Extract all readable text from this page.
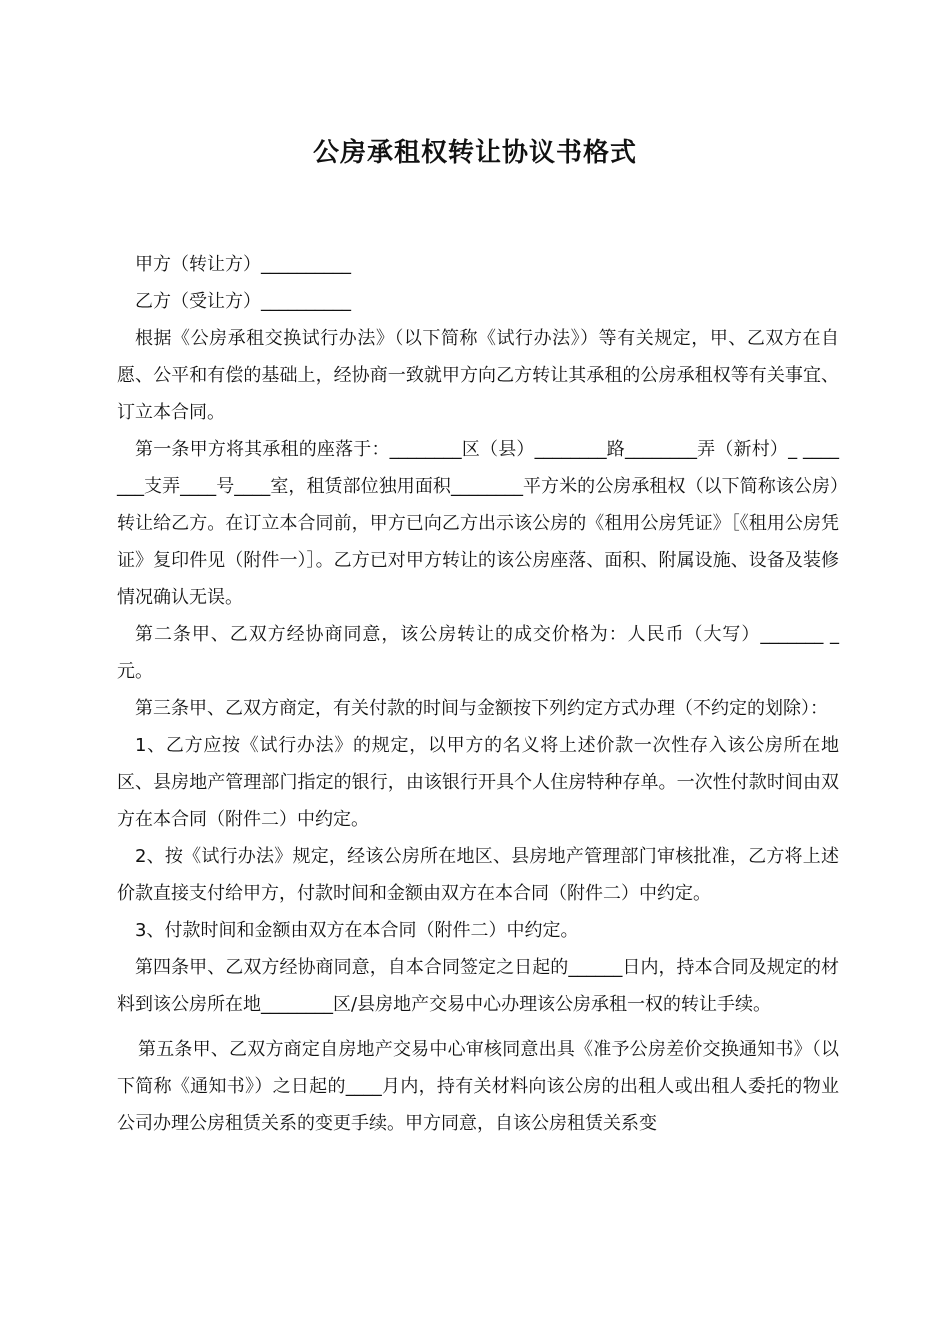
公房承租权转让协议书格式

甲方（转让方）__________

乙方（受让方）__________

根据《公房承租交换试行办法》（以下简称《试行办法》）等有关规定，甲、乙双方在自愿、公平和有偿的基础上，经协商一致就甲方向乙方转让其承租的公房承租权等有关事宜、订立本合同。

第一条甲方将其承租的座落于：________区（县）________路________弄（新村）_ _______支弄____号____室，租赁部位独用面积________平方米的公房承租权（以下简称该公房）转让给乙方。在订立本合同前，甲方已向乙方出示该公房的《租用公房凭证》［《租用公房凭证》复印件见（附件一）］。乙方已对甲方转让的该公房座落、面积、附属设施、设备及装修情况确认无误。

第二条甲、乙双方经协商同意，该公房转让的成交价格为：人民币（大写）_______ _元。

第三条甲、乙双方商定，有关付款的时间与金额按下列约定方式办理（不约定的划除）：

1、乙方应按《试行办法》的规定，以甲方的名义将上述价款一次性存入该公房所在地区、县房地产管理部门指定的银行，由该银行开具个人住房特种存单。一次性付款时间由双方在本合同（附件二）中约定。

2、按《试行办法》规定，经该公房所在地区、县房地产管理部门审核批准，乙方将上述价款直接支付给甲方，付款时间和金额由双方在本合同（附件二）中约定。

3、付款时间和金额由双方在本合同（附件二）中约定。

第四条甲、乙双方经协商同意，自本合同签定之日起的______日内，持本合同及规定的材料到该公房所在地________区/县房地产交易中心办理该公房承租一权的转让手续。

第五条甲、乙双方商定自房地产交易中心审核同意出具《准予公房差价交换通知书》（以下简称《通知书》）之日起的____月内，持有关材料向该公房的出租人或出租人委托的物业公司办理公房租赁关系的变更手续。甲方同意，自该公房租赁关系变
